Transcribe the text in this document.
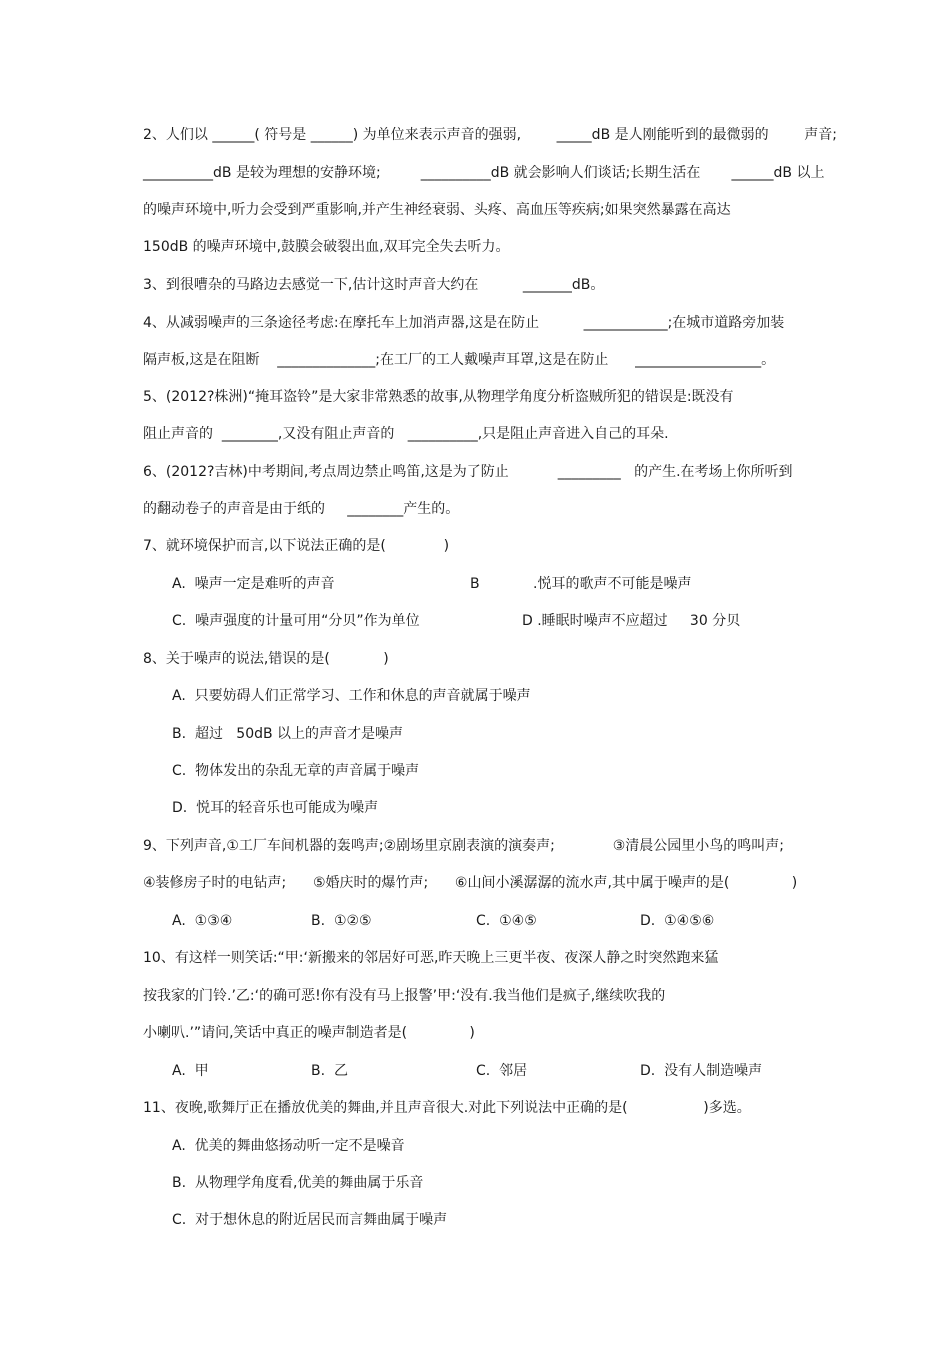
2、人们以 ______( 符号是 ______) 为单位来表示声音的强弱,        _____dB 是人刚能听到的最微弱的        声音;
__________dB 是较为理想的安静环境;         __________dB 就会影响人们谈话;长期生活在       ______dB 以上
的噪声环境中,听力会受到严重影响,并产生神经衰弱、头疼、高血压等疾病;如果突然暴露在高达
150dB 的噪声环境中,鼓膜会破裂出血,双耳完全失去听力。
3、到很嘈杂的马路边去感觉一下,估计这时声音大约在          _______dB。
4、从减弱噪声的三条途径考虑:在摩托车上加消声器,这是在防止          ____________;在城市道路旁加装
隔声板,这是在阻断    ______________;在工厂的工人戴噪声耳罩,这是在防止      __________________。
5、(2012?株洲)“掩耳盗铃”是大家非常熟悉的故事,从物理学角度分析盗贼所犯的错误是:既没有
阻止声音的  ________,又没有阻止声音的   __________,只是阻止声音进入自己的耳朵.
6、(2012?吉林)中考期间,考点周边禁止鸣笛,这是为了防止           _________   的产生.在考场上你所听到
的翻动卷子的声音是由于纸的     ________产生的。
7、就环境保护而言,以下说法正确的是(             )
A.  噪声一定是难听的声音	B            .悦耳的歌声不可能是噪声
C.  噪声强度的计量可用“分贝”作为单位	D .睡眠时噪声不应超过     30 分贝
8、关于噪声的说法,错误的是(            )
A.  只要妨碍人们正常学习、工作和休息的声音就属于噪声
B.  超过   50dB 以上的声音才是噪声
C.  物体发出的杂乱无章的声音属于噪声
D.  悦耳的轻音乐也可能成为噪声
9、下列声音,①工厂车间机器的轰鸣声;②剧场里京剧表演的演奏声;             ③清晨公园里小鸟的鸣叫声;
④装修房子时的电钻声;      ⑤婚庆时的爆竹声;      ⑥山间小溪潺潺的流水声,其中属于噪声的是(              )
A.  ①③④	B.  ①②⑤	C.  ①④⑤	D.  ①④⑤⑥
10、有这样一则笑话:“甲:‘新搬来的邻居好可恶,昨天晚上三更半夜、夜深人静之时突然跑来猛
按我家的门铃.’乙:‘的确可恶!你有没有马上报警’甲:‘没有.我当他们是疯子,继续吹我的
小喇叭.’”请问,笑话中真正的噪声制造者是(              )
A.  甲	B.  乙	C.  邻居	D.  没有人制造噪声
11、夜晚,歌舞厅正在播放优美的舞曲,并且声音很大.对此下列说法中正确的是(                 )多选。
A.  优美的舞曲悠扬动听一定不是噪音
B.  从物理学角度看,优美的舞曲属于乐音
C.  对于想休息的附近居民而言舞曲属于噪声
